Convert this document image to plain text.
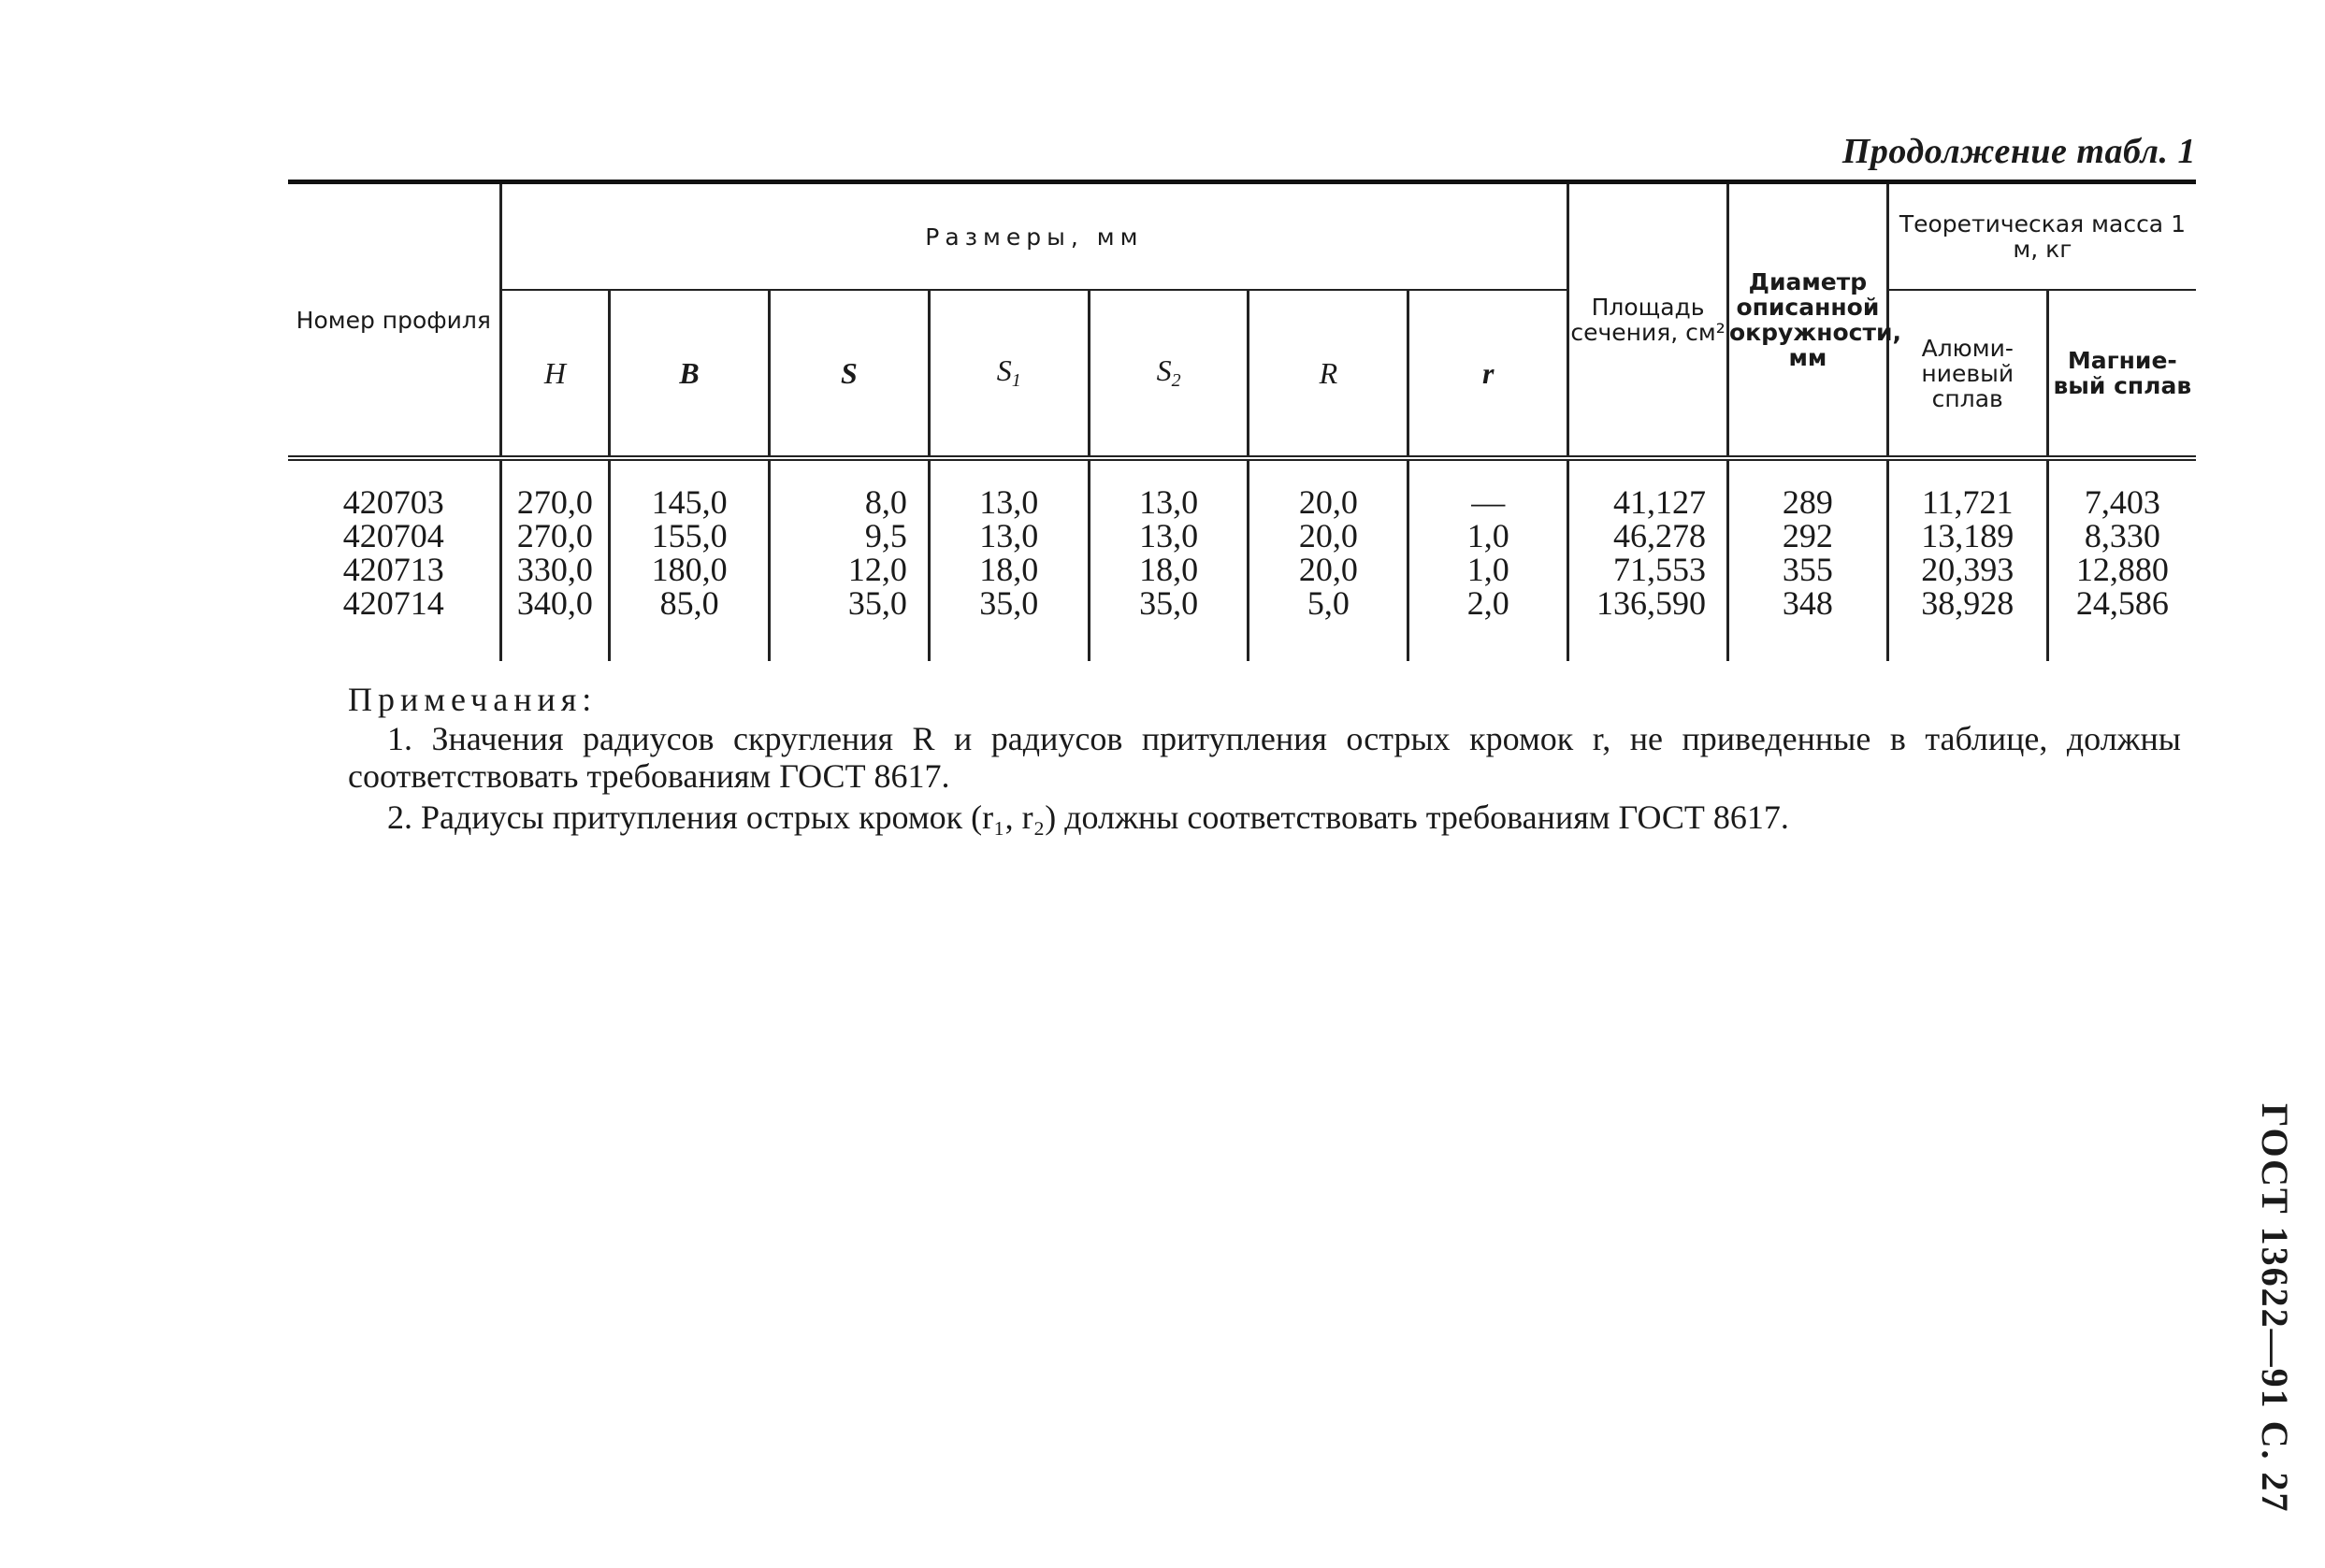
Продолжение табл. 1
Номер профиля	Размеры, мм							Площадь сечения, см²	Диаметр описанной окружности, мм	Теоретическая масса 1 м, кг	
	H	B	S	$S_1$	$S_2$	R	r			Алюми-ниевый сплав	Магние-вый сплав

420703	270,0	145,0	8,0	13,0	13,0	20,0	—	41,127	289	11,721	7,403
420704	270,0	155,0	9,5	13,0	13,0	20,0	1,0	46,278	292	13,189	8,330
420713	330,0	180,0	12,0	18,0	18,0	20,0	1,0	71,553	355	20,393	12,880
420714	340,0	85,0	35,0	35,0	35,0	5,0	2,0	136,590	348	38,928	24,586

Примечания:

1. Значения радиусов скругления R и радиусов притупления острых кромок r, не приведенные в таблице, должны соответствовать требованиям ГОСТ 8617.

2. Радиусы притупления острых кромок (r₁, r₂) должны соответствовать требованиям ГОСТ 8617.

ГОСТ 13622—91 С. 27
